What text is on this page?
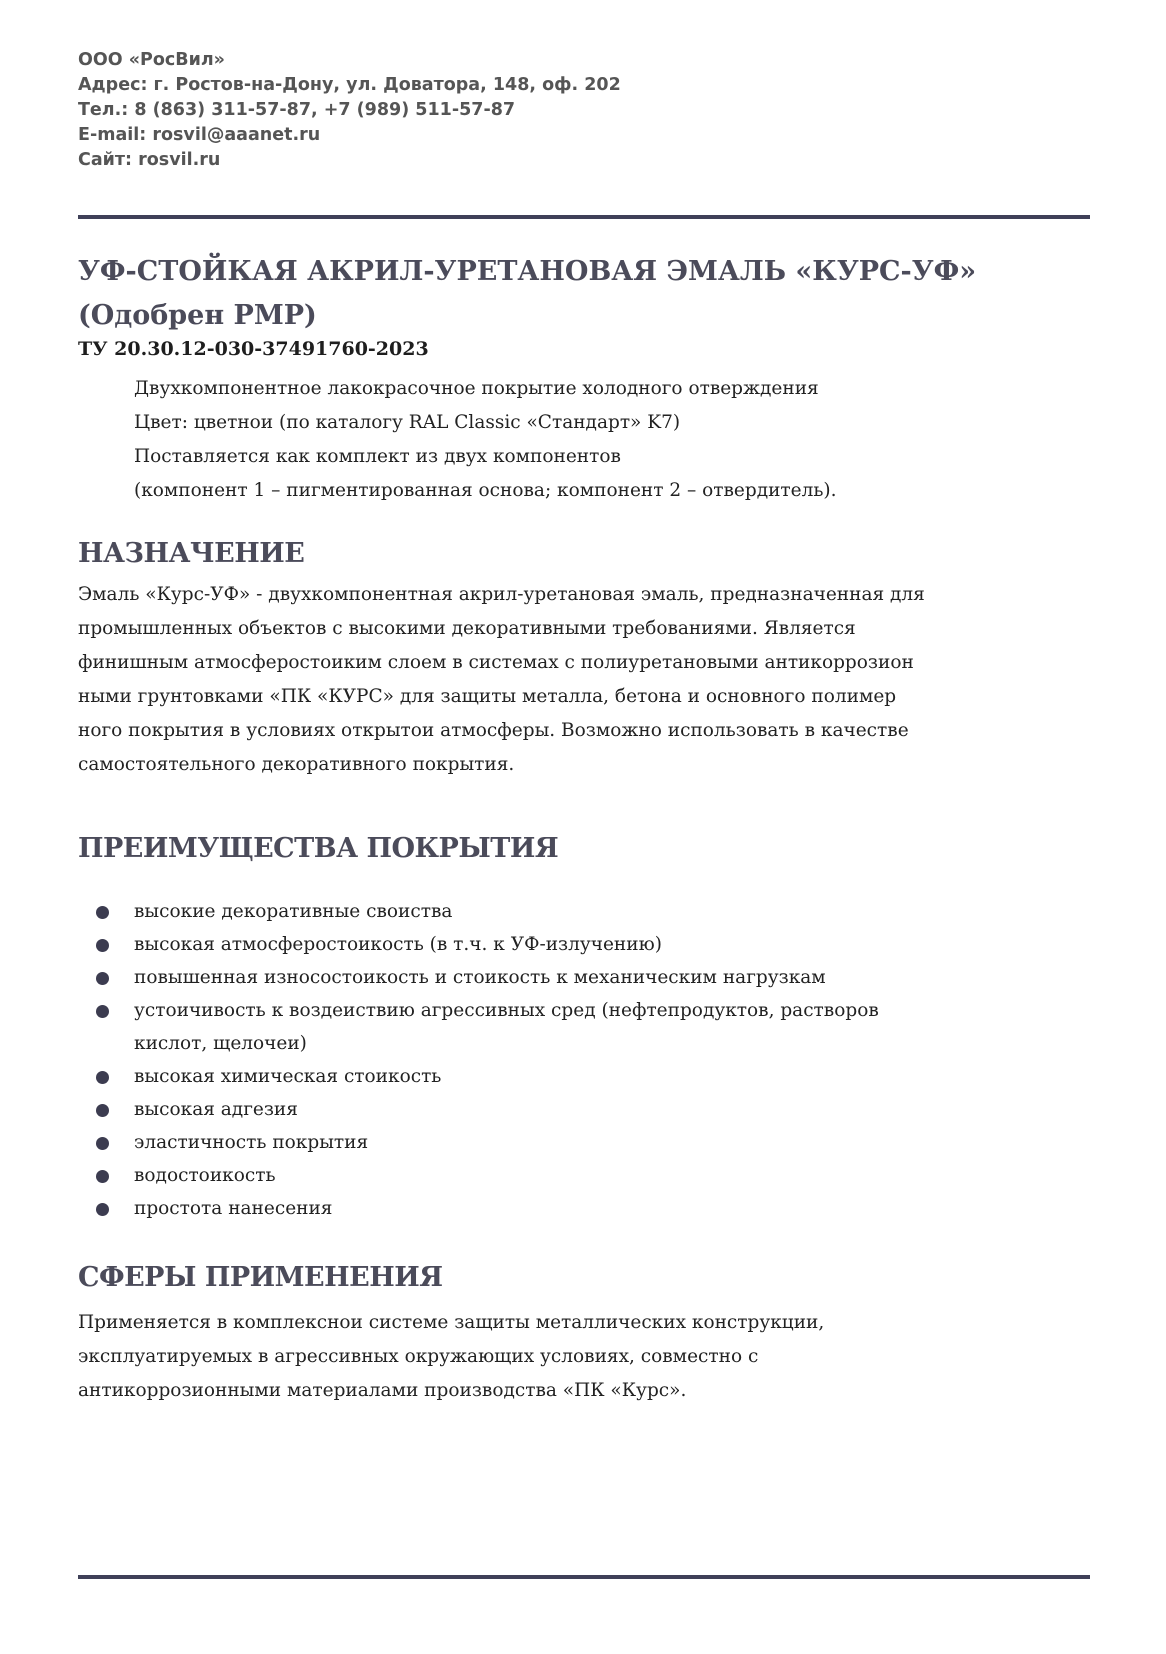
ООО «РосВил»
Адрес: г. Ростов-на-Дону, ул. Доватора, 148, оф. 202
Тел.: 8 (863) 311-57-87, +7 (989) 511-57-87
E-mail: rosvil@aaanet.ru
Сайт: rosvil.ru
УФ-СТОЙКАЯ АКРИЛ-УРЕТАНОВАЯ ЭМАЛЬ «КУРС-УФ»
(Одобрен РМР)
ТУ 20.30.12-030-37491760-2023
Двухкомпонентное лакокрасочное покрытие холодного отверждения
Цвет: цветнои (по каталогу RAL Classic «Стандарт» K7)
Поставляется как комплект из двух компонентов
(компонент 1 – пигментированная основа; компонент 2 – отвердитель).
НАЗНАЧЕНИЕ
Эмаль «Курс-УФ» - двухкомпонентная акрил-уретановая эмаль, предназначенная для
промышленных объектов с высокими декоративными требованиями. Является
финишным атмосферостоиким слоем в системах с полиуретановыми антикоррозион
ными грунтовками «ПК «КУРС» для защиты металла, бетона и основного полимер
ного покрытия в условиях открытои атмосферы. Возможно использовать в качестве
самостоятельного декоративного покрытия.
ПРЕИМУЩЕСТВА ПОКРЫТИЯ
высокие декоративные своиства
высокая атмосферостоикость (в т.ч. к УФ-излучению)
повышенная износостоикость и стоикость к механическим нагрузкам
устоичивость к воздеиствию агрессивных сред (нефтепродуктов, растворов
кислот, щелочеи)
высокая химическая стоикость
высокая адгезия
эластичность покрытия
водостоикость
простота нанесения
СФЕРЫ ПРИМЕНЕНИЯ
Применяется в комплекснои системе защиты металлических конструкции,
эксплуатируемых в агрессивных окружающих условиях, совместно с
антикоррозионными материалами производства «ПК «Курс».
